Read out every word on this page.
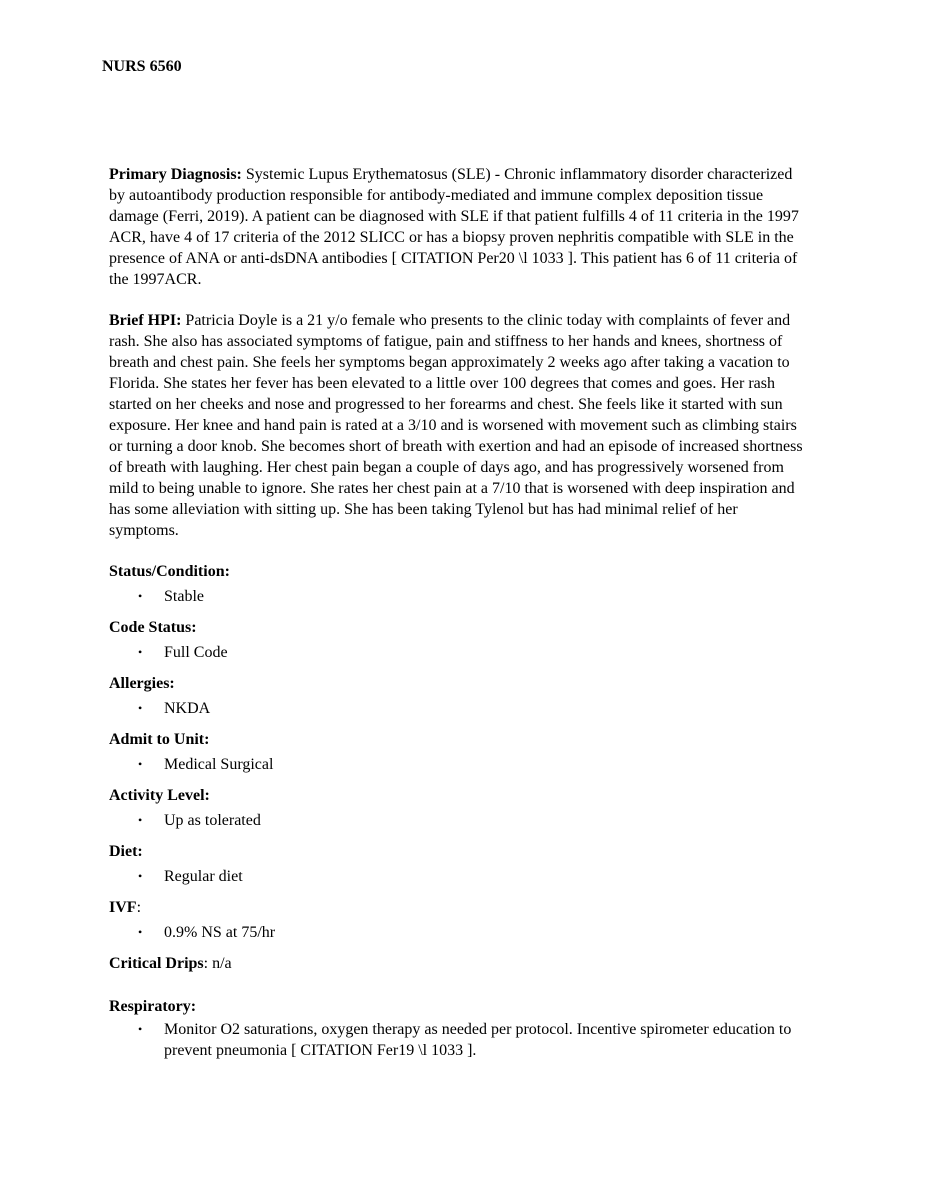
NURS 6560

Primary Diagnosis: Systemic Lupus Erythematosus (SLE) - Chronic inflammatory disorder characterized by autoantibody production responsible for antibody-mediated and immune complex deposition tissue damage (Ferri, 2019). A patient can be diagnosed with SLE if that patient fulfills 4 of 11 criteria in the 1997 ACR, have 4 of 17 criteria of the 2012 SLICC or has a biopsy proven nephritis compatible with SLE in the presence of ANA or anti-dsDNA antibodies [ CITATION Per20 \l 1033 ]. This patient has 6 of 11 criteria of the 1997ACR.

Brief HPI: Patricia Doyle is a 21 y/o female who presents to the clinic today with complaints of fever and rash. She also has associated symptoms of fatigue, pain and stiffness to her hands and knees, shortness of breath and chest pain. She feels her symptoms began approximately 2 weeks ago after taking a vacation to Florida. She states her fever has been elevated to a little over 100 degrees that comes and goes. Her rash started on her cheeks and nose and progressed to her forearms and chest. She feels like it started with sun exposure. Her knee and hand pain is rated at a 3/10 and is worsened with movement such as climbing stairs or turning a door knob. She becomes short of breath with exertion and had an episode of increased shortness of breath with laughing. Her chest pain began a couple of days ago, and has progressively worsened from mild to being unable to ignore. She rates her chest pain at a 7/10 that is worsened with deep inspiration and has some alleviation with sitting up. She has been taking Tylenol but has had minimal relief of her symptoms.

Status/Condition:
• Stable
Code Status:
• Full Code
Allergies:
• NKDA
Admit to Unit:
• Medical Surgical
Activity Level:
• Up as tolerated
Diet:
• Regular diet
IVF:
• 0.9% NS at 75/hr

Critical Drips: n/a

Respiratory:
• Monitor O2 saturations, oxygen therapy as needed per protocol. Incentive spirometer education to prevent pneumonia [ CITATION Fer19 \l 1033 ].
